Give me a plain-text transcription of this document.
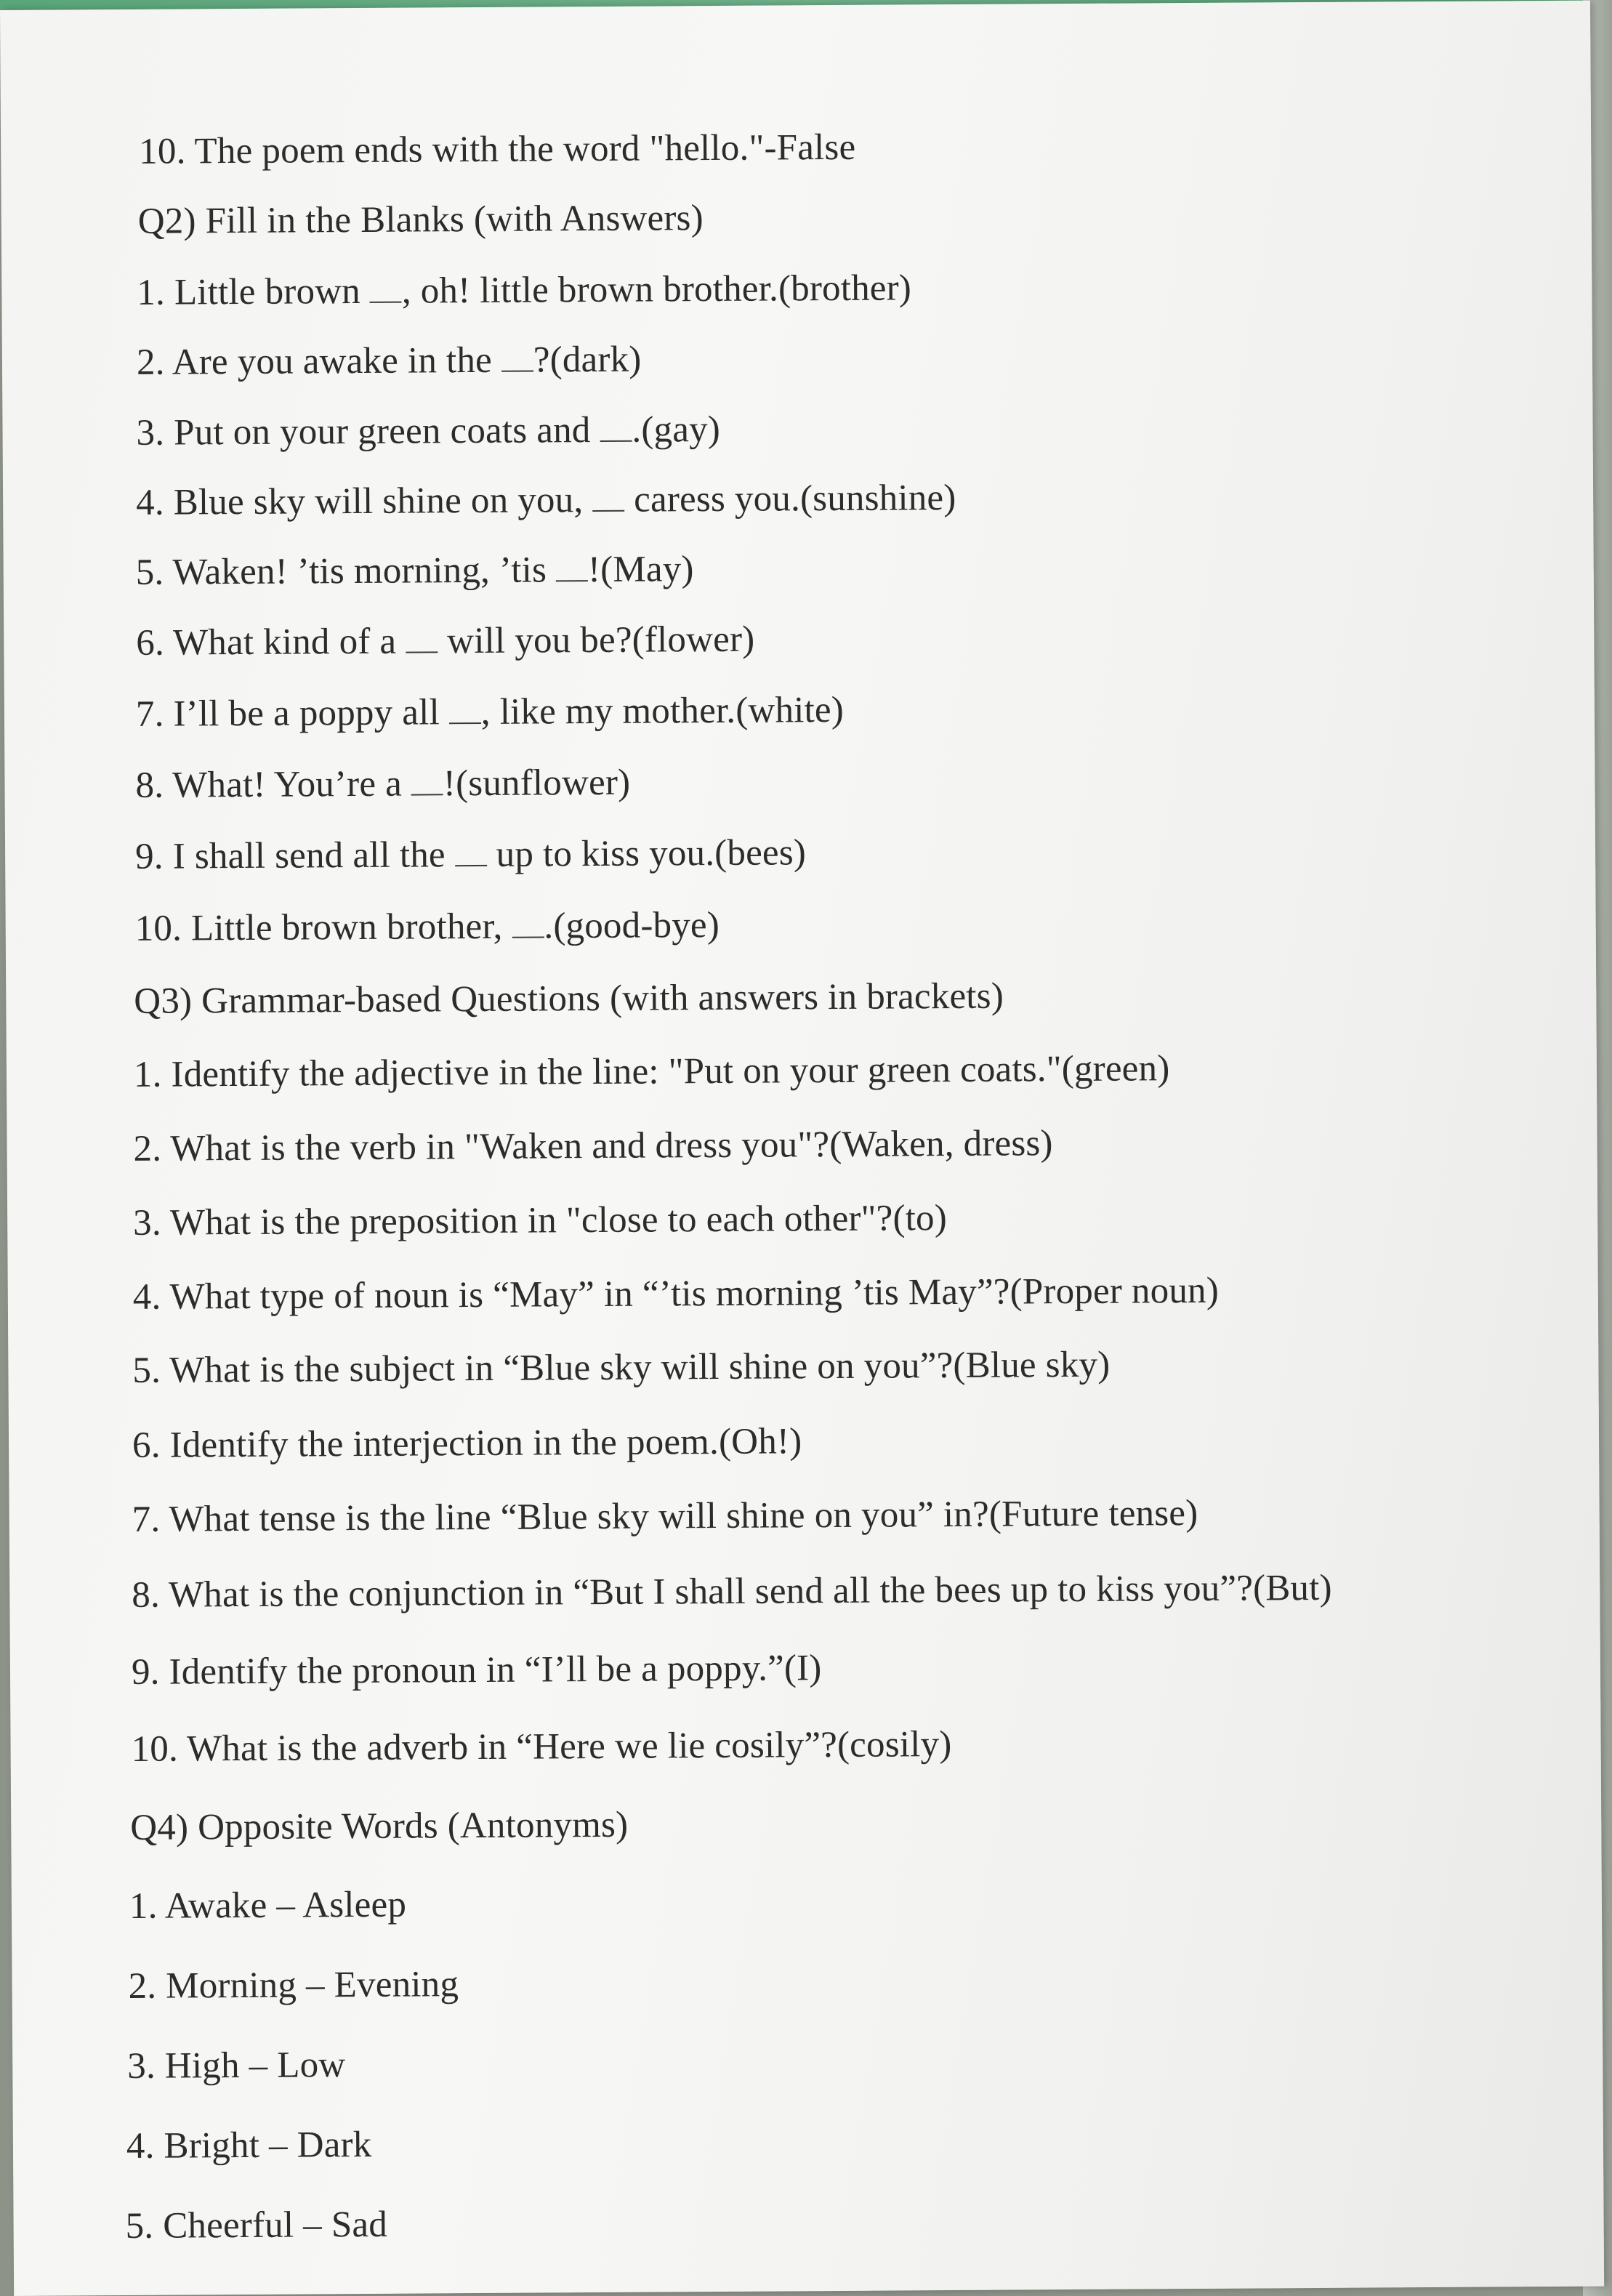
10. The poem ends with the word "hello."-False
Q2) Fill in the Blanks (with Answers)
1. Little brown , oh! little brown brother.(brother)
2. Are you awake in the ?(dark)
3. Put on your green coats and .(gay)
4. Blue sky will shine on you,  caress you.(sunshine)
5. Waken! ’tis morning, ’tis !(May)
6. What kind of a  will you be?(flower)
7. I’ll be a poppy all , like my mother.(white)
8. What! You’re a !(sunflower)
9. I shall send all the  up to kiss you.(bees)
10. Little brown brother, .(good-bye)
Q3) Grammar-based Questions (with answers in brackets)
1. Identify the adjective in the line: "Put on your green coats."(green)
2. What is the verb in "Waken and dress you"?(Waken, dress)
3. What is the preposition in "close to each other"?(to)
4. What type of noun is “May” in “’tis morning ’tis May”?(Proper noun)
5. What is the subject in “Blue sky will shine on you”?(Blue sky)
6. Identify the interjection in the poem.(Oh!)
7. What tense is the line “Blue sky will shine on you” in?(Future tense)
8. What is the conjunction in “But I shall send all the bees up to kiss you”?(But)
9. Identify the pronoun in “I’ll be a poppy.”(I)
10. What is the adverb in “Here we lie cosily”?(cosily)
Q4) Opposite Words (Antonyms)
1. Awake – Asleep
2. Morning – Evening
3. High – Low
4. Bright – Dark
5. Cheerful – Sad
